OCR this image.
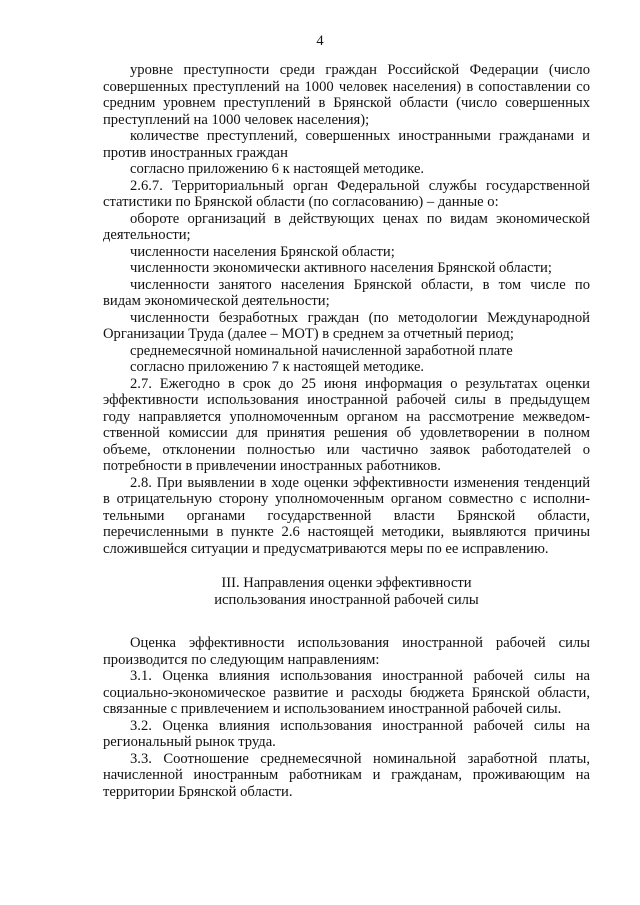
4
уровне преступности среди граждан Российской Федерации (число
совершенных преступлений на 1000 человек населения) в сопоставлении со
средним уровнем преступлений в Брянской области (число совершенных
преступлений на 1000 человек населения);
количестве преступлений, совершенных иностранными гражданами и
против иностранных граждан
согласно приложению 6 к настоящей методике.
2.6.7. Территориальный орган Федеральной службы государственной
статистики по Брянской области (по согласованию) – данные о:
обороте организаций в действующих ценах по видам экономической
деятельности;
численности населения Брянской области;
численности экономически активного населения Брянской области;
численности занятого населения Брянской области, в том числе по
видам экономической деятельности;
численности безработных граждан (по методологии Международной
Организации Труда (далее – МОТ) в среднем за отчетный период;
среднемесячной номинальной начисленной заработной плате
согласно приложению 7 к настоящей методике.
2.7. Ежегодно в срок до 25 июня информация о результатах оценки
эффективности использования иностранной рабочей силы в предыдущем
году направляется уполномоченным органом на рассмотрение межведом-
ственной комиссии для принятия решения об удовлетворении в полном
объеме, отклонении полностью или частично заявок работодателей о
потребности в привлечении иностранных работников.
2.8. При выявлении в ходе оценки эффективности изменения тенденций
в отрицательную сторону уполномоченным органом совместно с исполни-
тельными органами государственной власти Брянской области,
перечисленными в пункте 2.6 настоящей методики, выявляются причины
сложившейся ситуации и предусматриваются меры по ее исправлению.

III. Направления оценки эффективности
использования иностранной рабочей силы

Оценка эффективности использования иностранной рабочей силы
производится по следующим направлениям:
3.1. Оценка влияния использования иностранной рабочей силы на
социально-экономическое развитие и расходы бюджета Брянской области,
связанные с привлечением и использованием иностранной рабочей силы.
3.2. Оценка влияния использования иностранной рабочей силы на
региональный рынок труда.
3.3. Соотношение среднемесячной номинальной заработной платы,
начисленной иностранным работникам и гражданам, проживающим на
территории Брянской области.
